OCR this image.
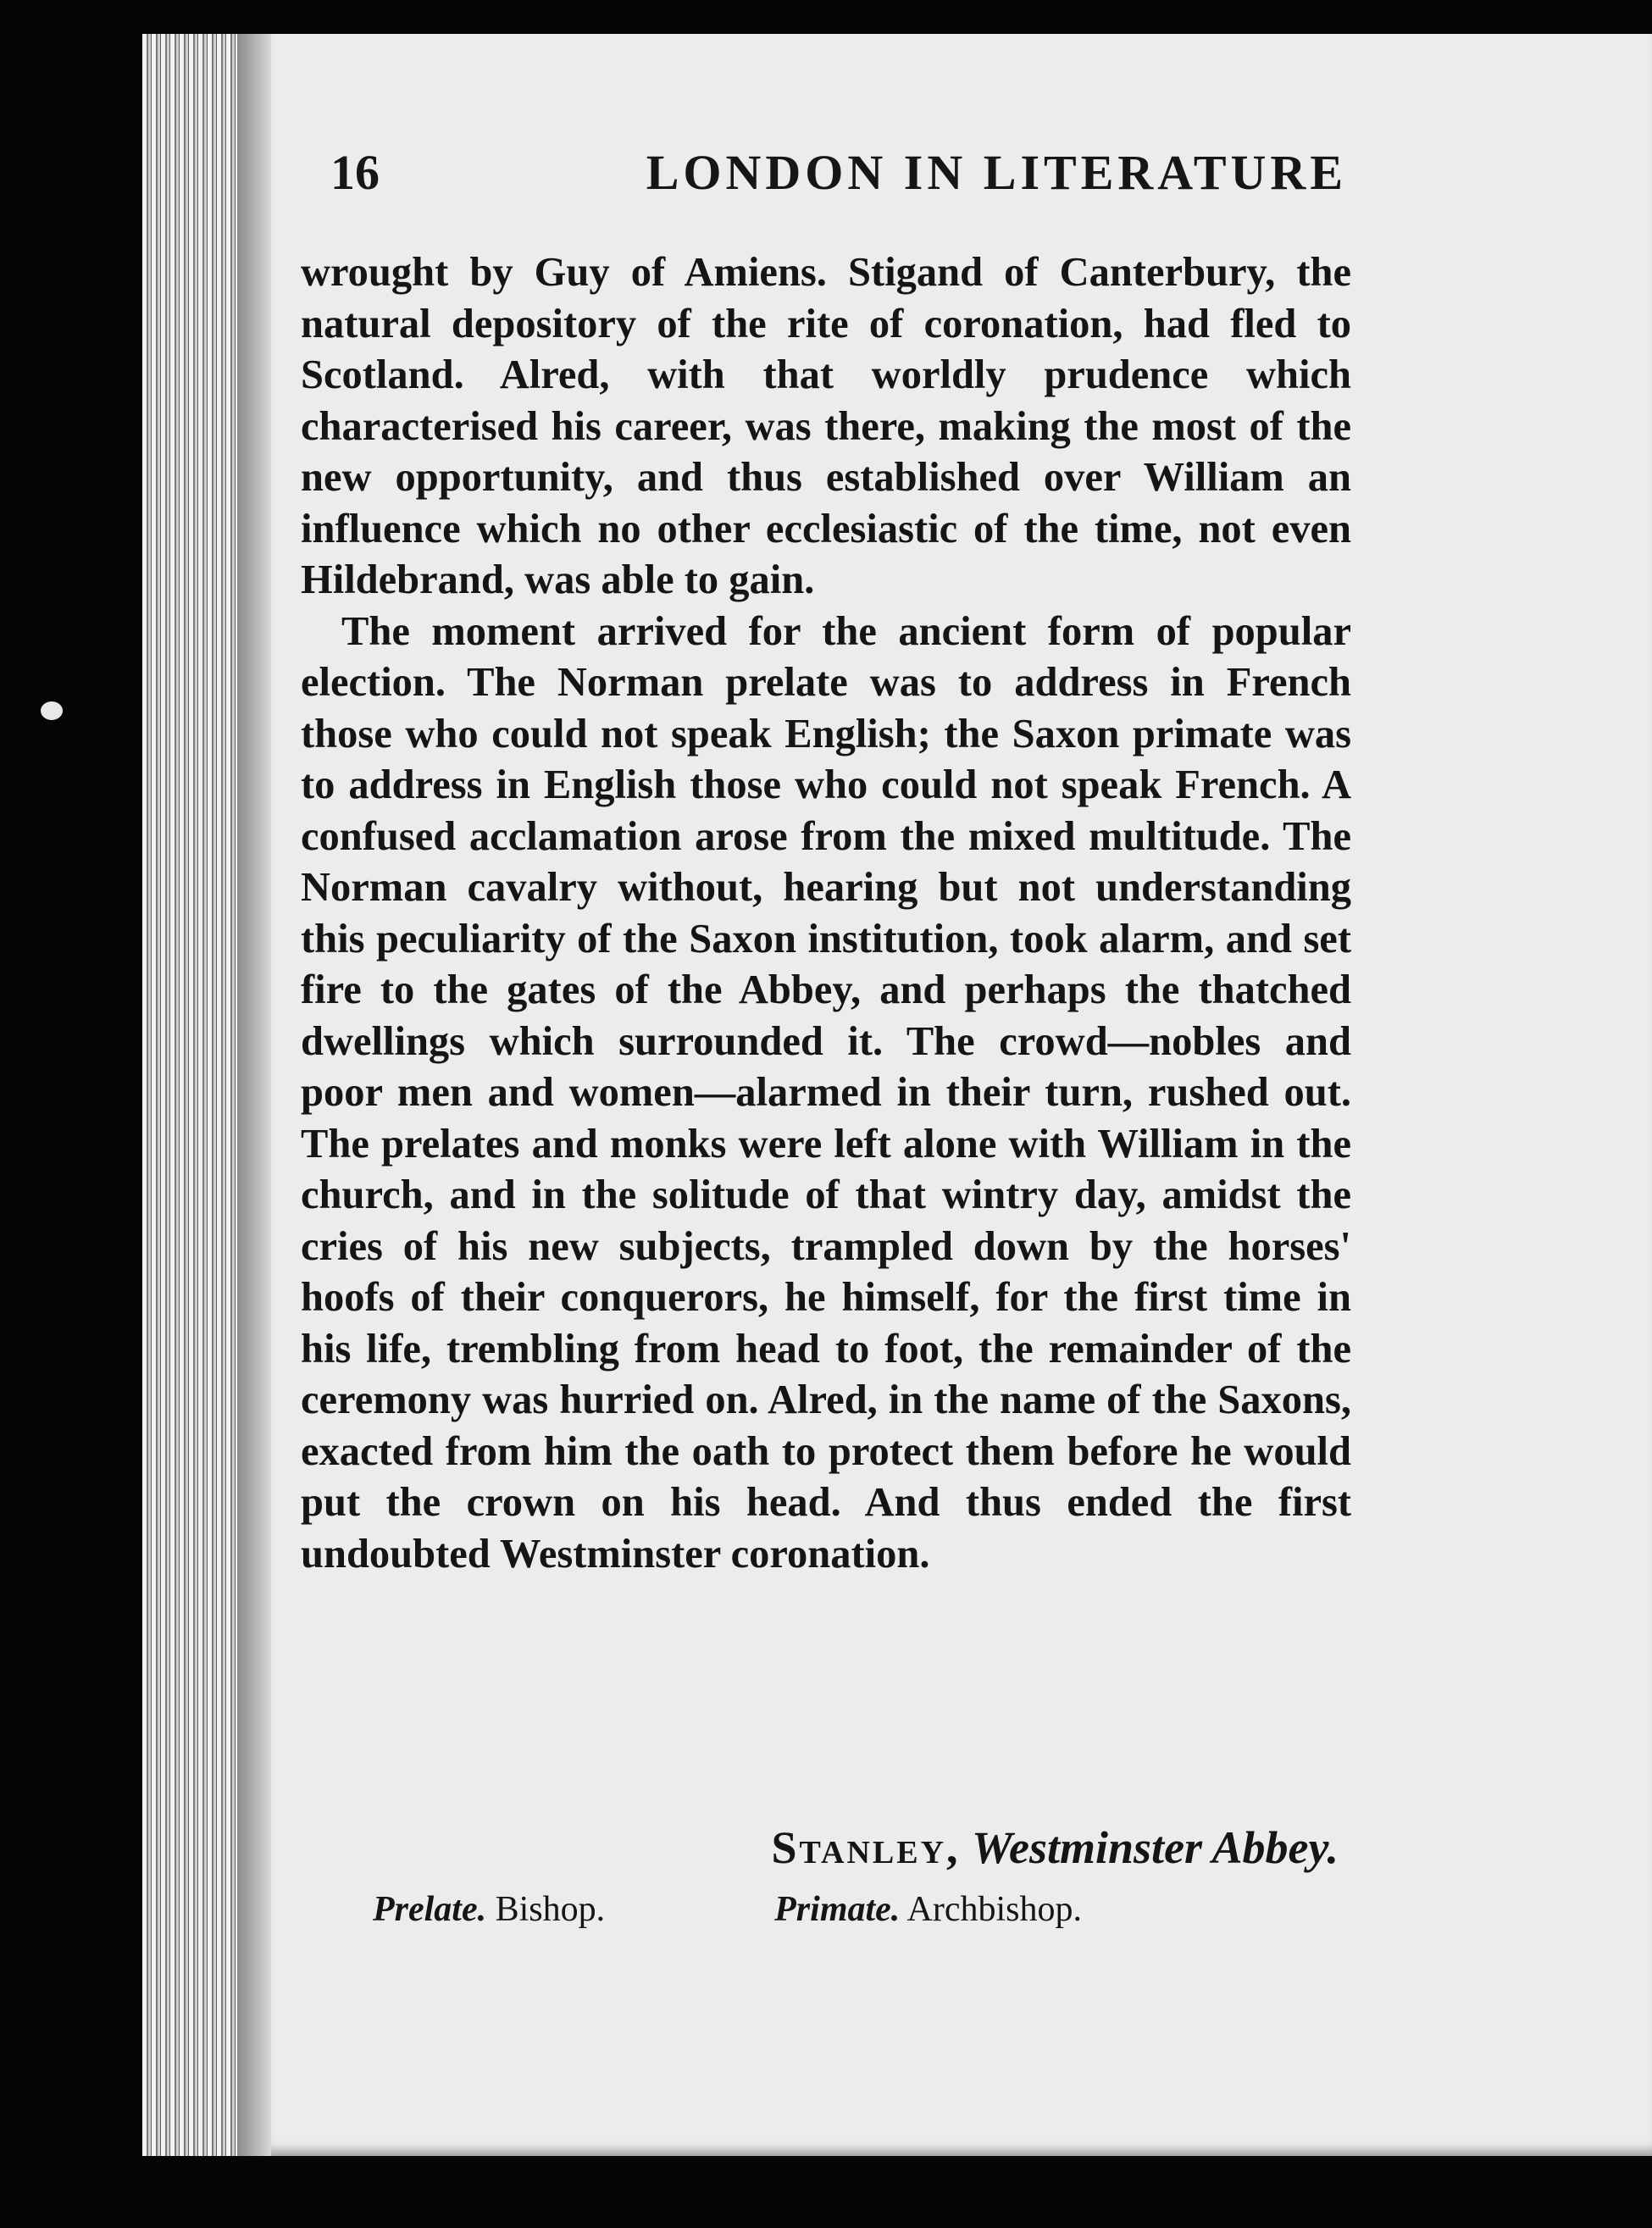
16	LONDON IN LITERATURE

wrought by Guy of Amiens. Stigand of Canterbury, the natural depository of the rite of coronation, had fled to Scotland. Alred, with that worldly prudence which characterised his career, was there, making the most of the new opportunity, and thus established over William an influence which no other ecclesiastic of the time, not even Hildebrand, was able to gain.

The moment arrived for the ancient form of popular election. The Norman prelate was to address in French those who could not speak English; the Saxon primate was to address in English those who could not speak French. A confused acclamation arose from the mixed multitude. The Norman cavalry without, hearing but not understanding this peculiarity of the Saxon institution, took alarm, and set fire to the gates of the Abbey, and perhaps the thatched dwellings which surrounded it. The crowd—nobles and poor men and women—alarmed in their turn, rushed out. The prelates and monks were left alone with William in the church, and in the solitude of that wintry day, amidst the cries of his new subjects, trampled down by the horses' hoofs of their conquerors, he himself, for the first time in his life, trembling from head to foot, the remainder of the ceremony was hurried on. Alred, in the name of the Saxons, exacted from him the oath to protect them before he would put the crown on his head. And thus ended the first undoubted Westminster coronation.

Stanley, Westminster Abbey.
Prelate. Bishop.	Primate. Archbishop.
